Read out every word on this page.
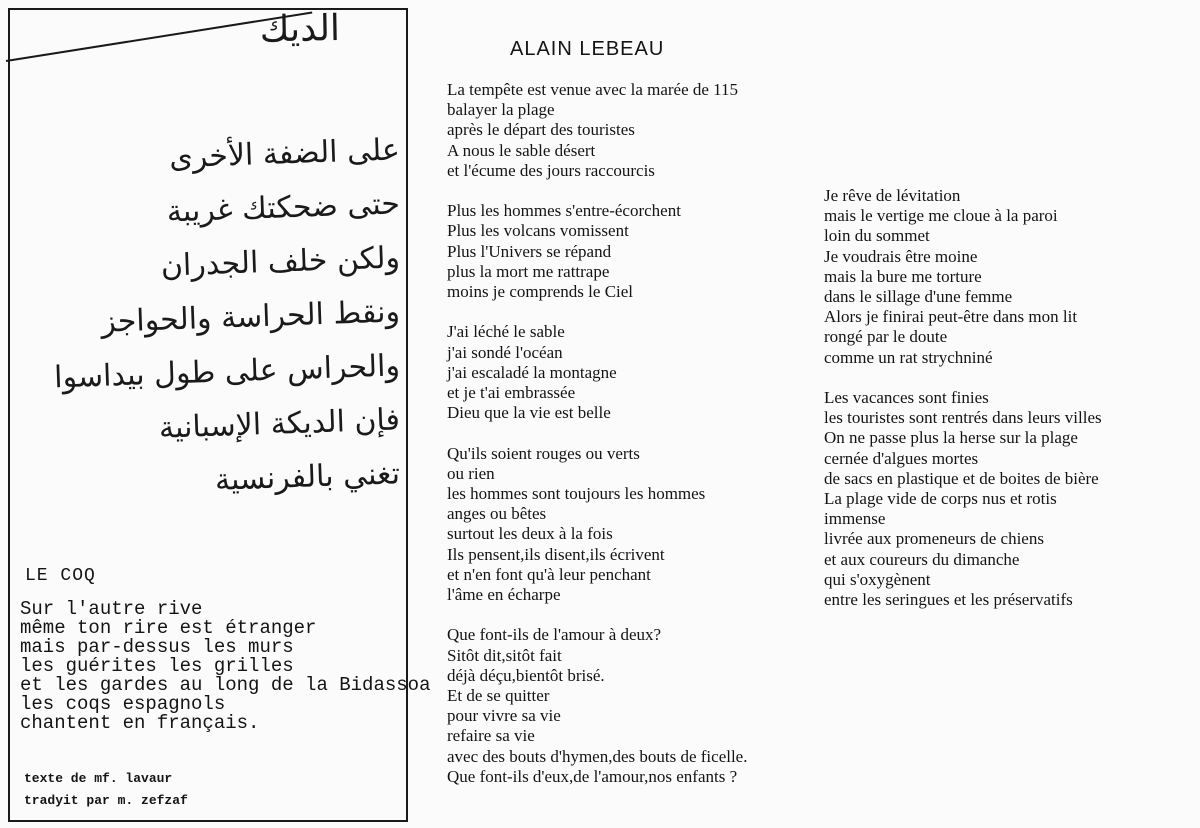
الديك
على الضفة الأخرى
حتى ضحكتك غريبة
ولكن خلف الجدران
ونقط الحراسة والحواجز
والحراس على طول بيداسوا
فإن الديكة الإسبانية
تغني بالفرنسية
LE COQ
Sur l'autre rive
même ton rire est étranger
mais par-dessus les murs
les guérites les grilles
et les gardes au long de la Bidassoa
les coqs espagnols
chantent en français.
texte de mf. lavaur
tradyit par m. zefzaf
ALAIN LEBEAU
La tempête est venue avec la marée de 115
balayer la plage
après le départ des touristes
A nous le sable désert
et l'écume des jours raccourcis
Plus les hommes s'entre-écorchent
Plus les volcans vomissent
Plus l'Univers se répand
plus la mort me rattrape
moins je comprends le Ciel
J'ai léché le sable
j'ai sondé l'océan
j'ai escaladé la montagne
et je t'ai embrassée
Dieu que la vie est belle
Qu'ils soient rouges ou verts
ou rien
les hommes sont toujours les hommes
anges ou bêtes
surtout les deux à la fois
Ils pensent,ils disent,ils écrivent
et n'en font qu'à leur penchant
l'âme en écharpe
Que font-ils de l'amour à deux?
Sitôt dit,sitôt fait
déjà déçu,bientôt brisé.
Et de se quitter
pour vivre sa vie
refaire sa vie
avec des bouts d'hymen,des bouts de ficelle.
Que font-ils d'eux,de l'amour,nos enfants ?
Je rêve de lévitation
mais le vertige me cloue à la paroi
loin du sommet
Je voudrais être moine
mais la bure me torture
dans le sillage d'une femme
Alors je finirai peut-être dans mon lit
rongé par le doute
comme un rat strychniné
Les vacances sont finies
les touristes sont rentrés dans leurs villes
On ne passe plus la herse sur la plage
cernée d'algues mortes
de sacs en plastique et de boites de bière
La plage vide de corps nus et rotis
immense
livrée aux promeneurs de chiens
et aux coureurs du dimanche
qui s'oxygènent
entre les seringues et les préservatifs
